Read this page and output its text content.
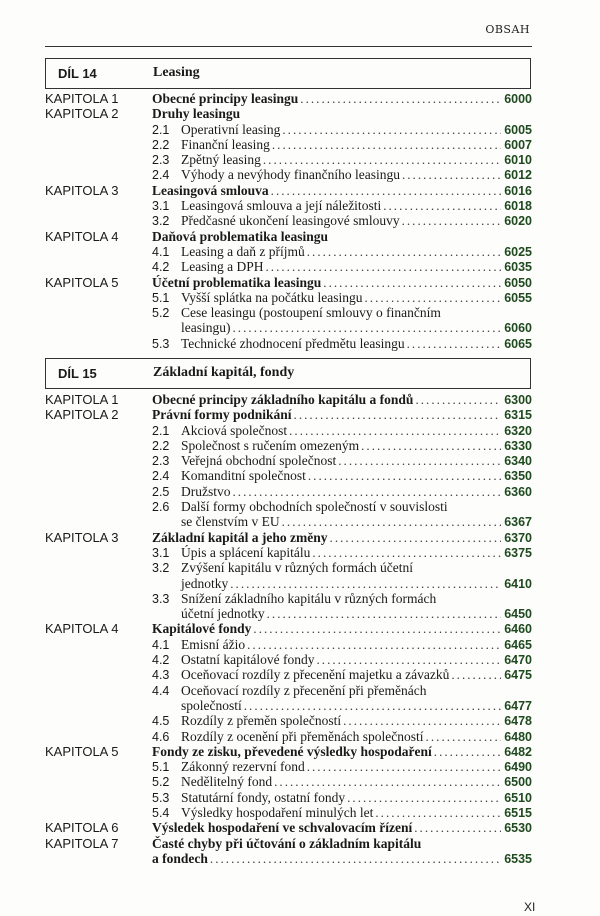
OBSAH
DÍL 14	Leasing
KAPITOLA 1 Obecné principy leasingu . . .	6000
KAPITOLA 2 Druhy leasingu
2.1 Operativní leasing . . .	6005
2.2 Finanční leasing . . .	6007
2.3 Zpětný leasing . . .	6010
2.4 Výhody a nevýhody finančního leasingu . . .	6012
KAPITOLA 3 Leasingová smlouva . . .	6016
3.1 Leasingová smlouva a její náležitosti . . .	6018
3.2 Předčasné ukončení leasingové smlouvy . . .	6020
KAPITOLA 4 Daňová problematika leasingu
4.1 Leasing a daň z příjmů . . .	6025
4.2 Leasing a DPH . . .	6035
KAPITOLA 5 Účetní problematika leasingu . . .	6050
5.1 Vyšší splátka na počátku leasingu . . .	6055
5.2 Cese leasingu (postoupení smlouvy o finančním
leasingu) . . .	6060
5.3 Technické zhodnocení předmětu leasingu . . .	6065
DÍL 15	Základní kapitál, fondy
KAPITOLA 1 Obecné principy základního kapitálu a fondů . . .	6300
KAPITOLA 2 Právní formy podnikání . . .	6315
2.1 Akciová společnost . . .	6320
2.2 Společnost s ručením omezeným . . .	6330
2.3 Veřejná obchodní společnost . . .	6340
2.4 Komanditní společnost . . .	6350
2.5 Družstvo . . .	6360
2.6 Další formy obchodních společností v souvislosti
se členstvím v EU . . .	6367
KAPITOLA 3 Základní kapitál a jeho změny . . .	6370
3.1 Úpis a splácení kapitálu . . .	6375
3.2 Zvýšení kapitálu v různých formách účetní
jednotky . . .	6410
3.3 Snížení základního kapitálu v různých formách
účetní jednotky . . .	6450
KAPITOLA 4 Kapitálové fondy . . .	6460
4.1 Emisní ážio . . .	6465
4.2 Ostatní kapitálové fondy . . .	6470
4.3 Oceňovací rozdíly z přecenění majetku a závazků . . .	6475
4.4 Oceňovací rozdíly z přecenění při přeměnách
společností . . .	6477
4.5 Rozdíly z přeměn společností . . .	6478
4.6 Rozdíly z ocenění při přeměnách společností . . .	6480
KAPITOLA 5 Fondy ze zisku, převedené výsledky hospodaření . . .	6482
5.1 Zákonný rezervní fond . . .	6490
5.2 Nedělitelný fond . . .	6500
5.3 Statutární fondy, ostatní fondy . . .	6510
5.4 Výsledky hospodaření minulých let . . .	6515
KAPITOLA 6 Výsledek hospodaření ve schvalovacím řízení . . .	6530
KAPITOLA 7 Časté chyby při účtování o základním kapitálu
a fondech . . .	6535
XI
